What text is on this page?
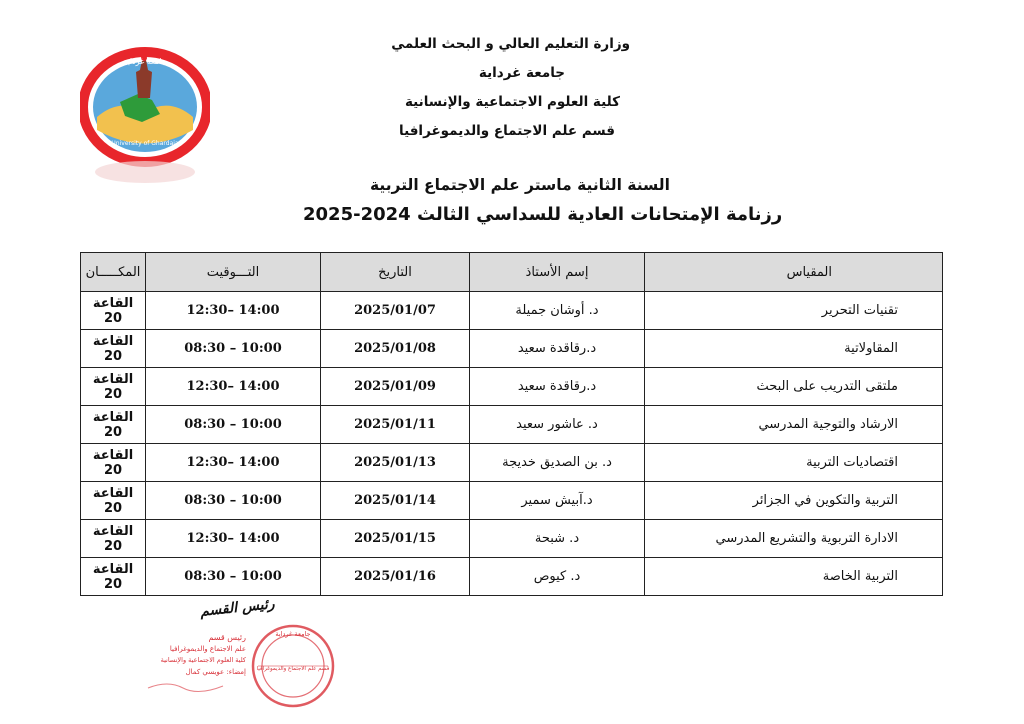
وزارة التعليم العالي و البحث العلمي
جامعة غرداية
كلية العلوم الاجتماعية والإنسانية
قسم علم الاجتماع والديموغرافيا
جامعة غرداية
University of Ghardaia
السنة الثانية ماستر علم الاجتماع التربية
رزنامة الإمتحانات العادية للسداسي الثالث 2024-2025
المقياس	إسم الأستاذ	التاريخ	التـــوقيت	المكـــــان
تقنيات التحرير	د. أوشان جميلة	2025/01/07	12:30– 14:00	القاعة 20
المقاولاتية	د.رقاقدة سعيد	2025/01/08	08:30 – 10:00	القاعة 20
ملتقى التدريب على البحث	د.رقاقدة سعيد	2025/01/09	12:30– 14:00	القاعة 20
الارشاد والتوجية المدرسي	د. عاشور سعيد	2025/01/11	08:30 – 10:00	القاعة 20
اقتصاديات التربية	د. بن الصديق خديجة	2025/01/13	12:30– 14:00	القاعة 20
التربية والتكوين في الجزائر	د.آبيش سمير	2025/01/14	08:30 – 10:00	القاعة 20
الادارة التربوية والتشريع المدرسي	د. شبحة	2025/01/15	12:30– 14:00	القاعة 20
التربية الخاصة	د. كيوص	2025/01/16	08:30 – 10:00	القاعة 20
رئيس القسم
رئيس قسم
علم الاجتماع والديموغرافيا
كلية العلوم الاجتماعية والإنسانية
إمضاء: عويسي كمال
جامعة غرداية
قسم علم الاجتماع والديموغرافيا
